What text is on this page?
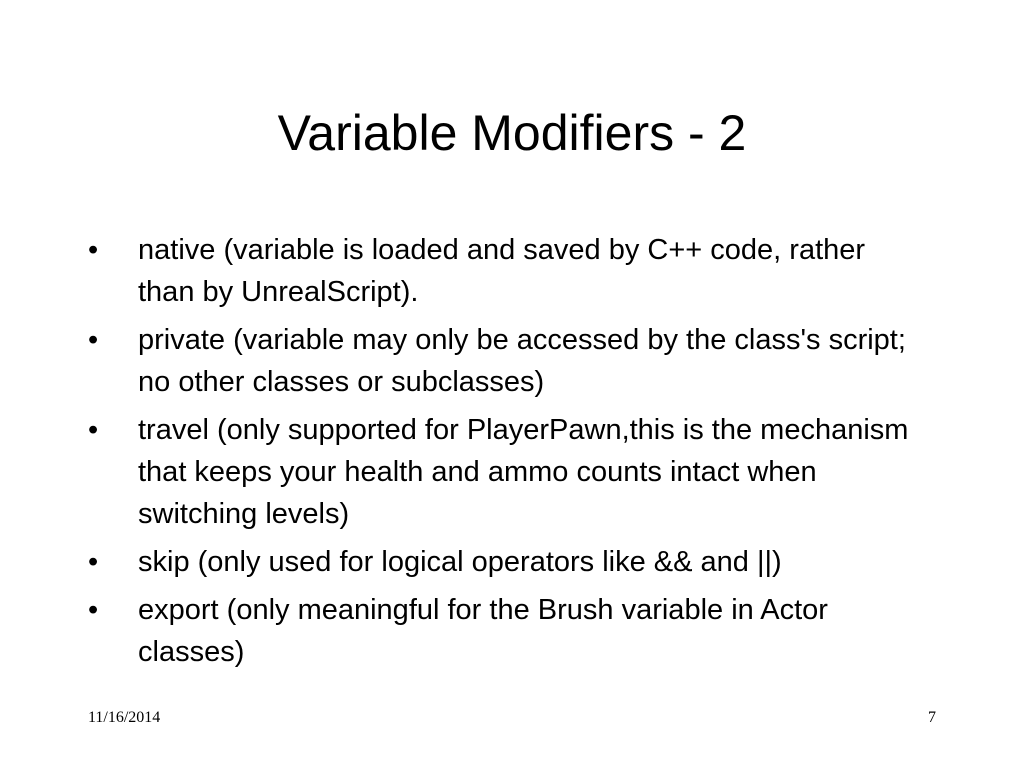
Variable Modifiers - 2
•	native (variable is loaded and saved by C++ code, rather than by UnrealScript).
•	private (variable may only be accessed by the class's script; no other classes or subclasses)
•	travel (only supported for PlayerPawn,this is the mechanism that keeps your health and ammo counts intact when switching levels)
•	skip (only used for logical operators like && and ||)
•	export (only meaningful for the Brush variable in Actor classes)
11/16/2014	7
